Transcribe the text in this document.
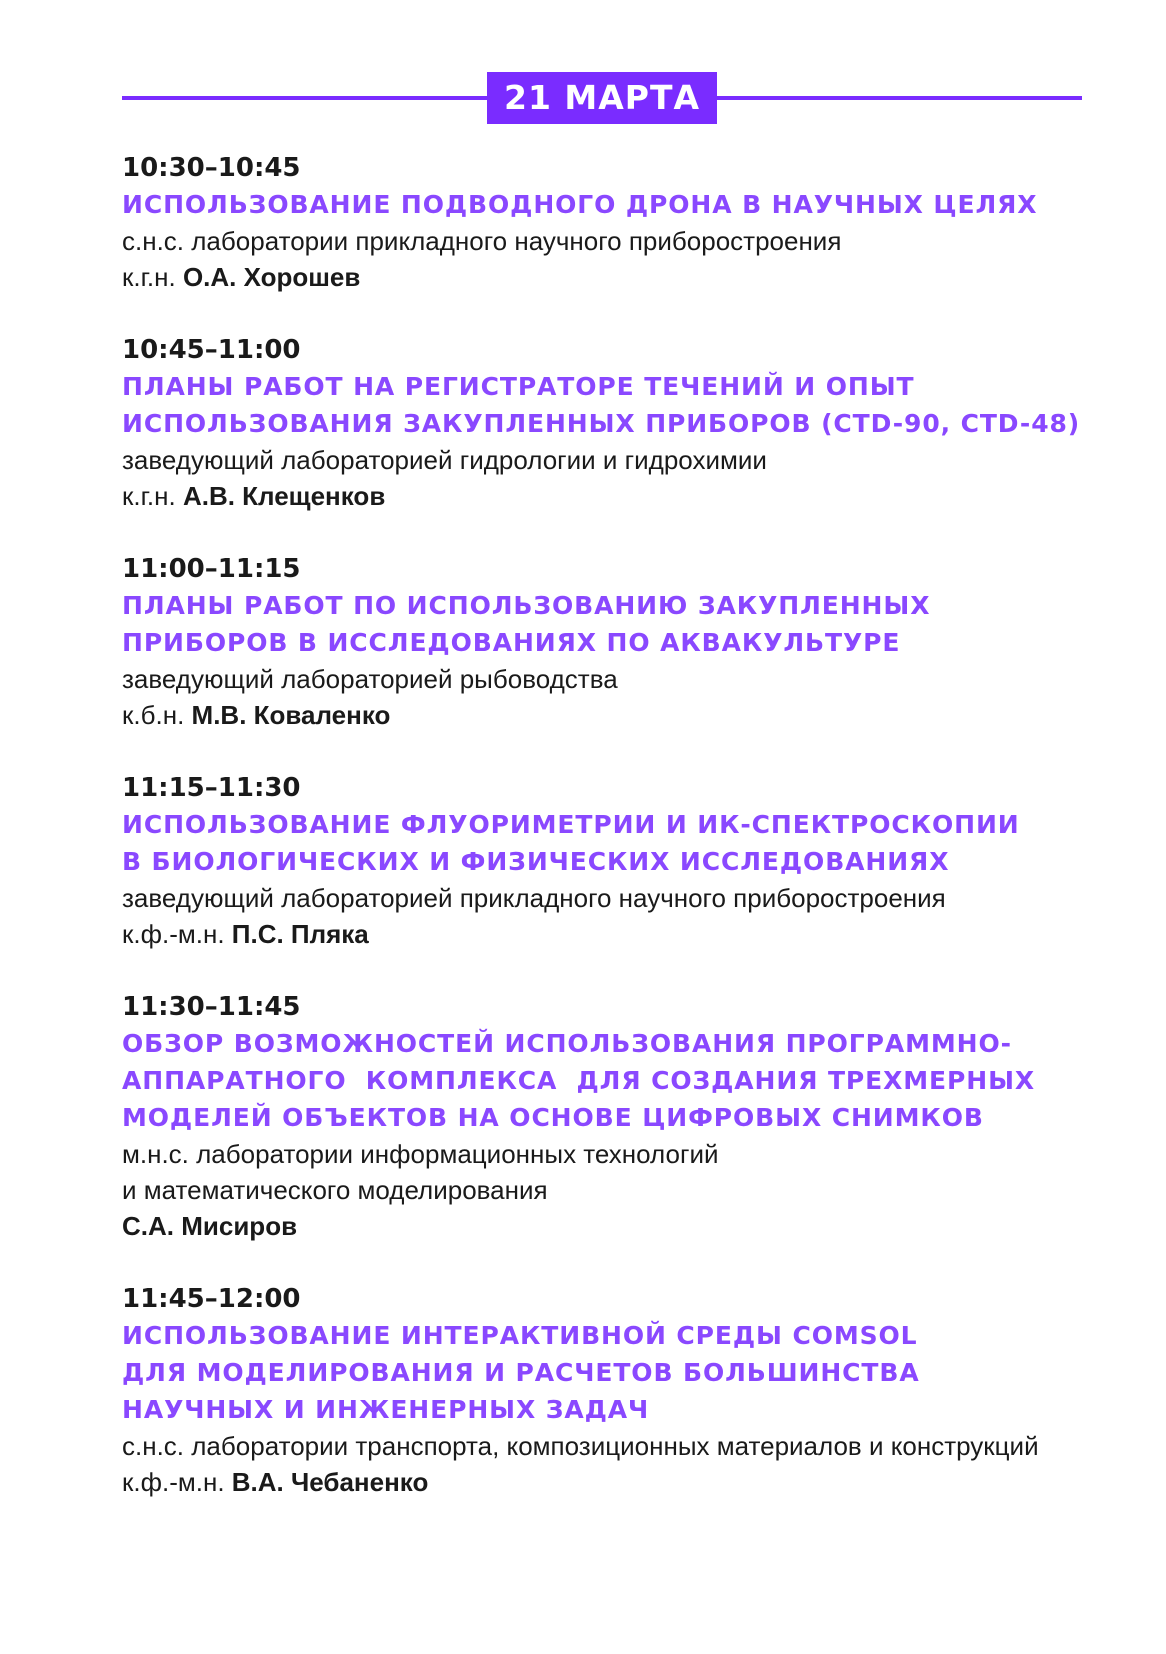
21 МАРТА
10:30–10:45
ИСПОЛЬЗОВАНИЕ ПОДВОДНОГО ДРОНА В НАУЧНЫХ ЦЕЛЯХ
с.н.с. лаборатории прикладного научного приборостроения
к.г.н. О.А. Хорошев
10:45–11:00
ПЛАНЫ РАБОТ НА РЕГИСТРАТОРЕ ТЕЧЕНИЙ И ОПЫТ
ИСПОЛЬЗОВАНИЯ ЗАКУПЛЕННЫХ ПРИБОРОВ (CTD-90, CTD-48)
заведующий лабораторией гидрологии и гидрохимии
к.г.н. А.В. Клещенков
11:00–11:15
ПЛАНЫ РАБОТ ПО ИСПОЛЬЗОВАНИЮ ЗАКУПЛЕННЫХ
ПРИБОРОВ В ИССЛЕДОВАНИЯХ ПО АКВАКУЛЬТУРЕ
заведующий лабораторией рыбоводства
к.б.н. М.В. Коваленко
11:15–11:30
ИСПОЛЬЗОВАНИЕ ФЛУОРИМЕТРИИ И ИК-СПЕКТРОСКОПИИ
В БИОЛОГИЧЕСКИХ И ФИЗИЧЕСКИХ ИССЛЕДОВАНИЯХ
заведующий лабораторией прикладного научного приборостроения
к.ф.-м.н. П.С. Пляка
11:30–11:45
ОБЗОР ВОЗМОЖНОСТЕЙ ИСПОЛЬЗОВАНИЯ ПРОГРАММНО-
АППАРАТНОГО  КОМПЛЕКСА  ДЛЯ СОЗДАНИЯ ТРЕХМЕРНЫХ
МОДЕЛЕЙ ОБЪЕКТОВ НА ОСНОВЕ ЦИФРОВЫХ СНИМКОВ
м.н.с. лаборатории информационных технологий
и математического моделирования
С.А. Мисиров
11:45–12:00
ИСПОЛЬЗОВАНИЕ ИНТЕРАКТИВНОЙ СРЕДЫ COMSOL
ДЛЯ МОДЕЛИРОВАНИЯ И РАСЧЕТОВ БОЛЬШИНСТВА
НАУЧНЫХ И ИНЖЕНЕРНЫХ ЗАДАЧ
с.н.с. лаборатории транспорта, композиционных материалов и конструкций
к.ф.-м.н. В.А. Чебаненко
